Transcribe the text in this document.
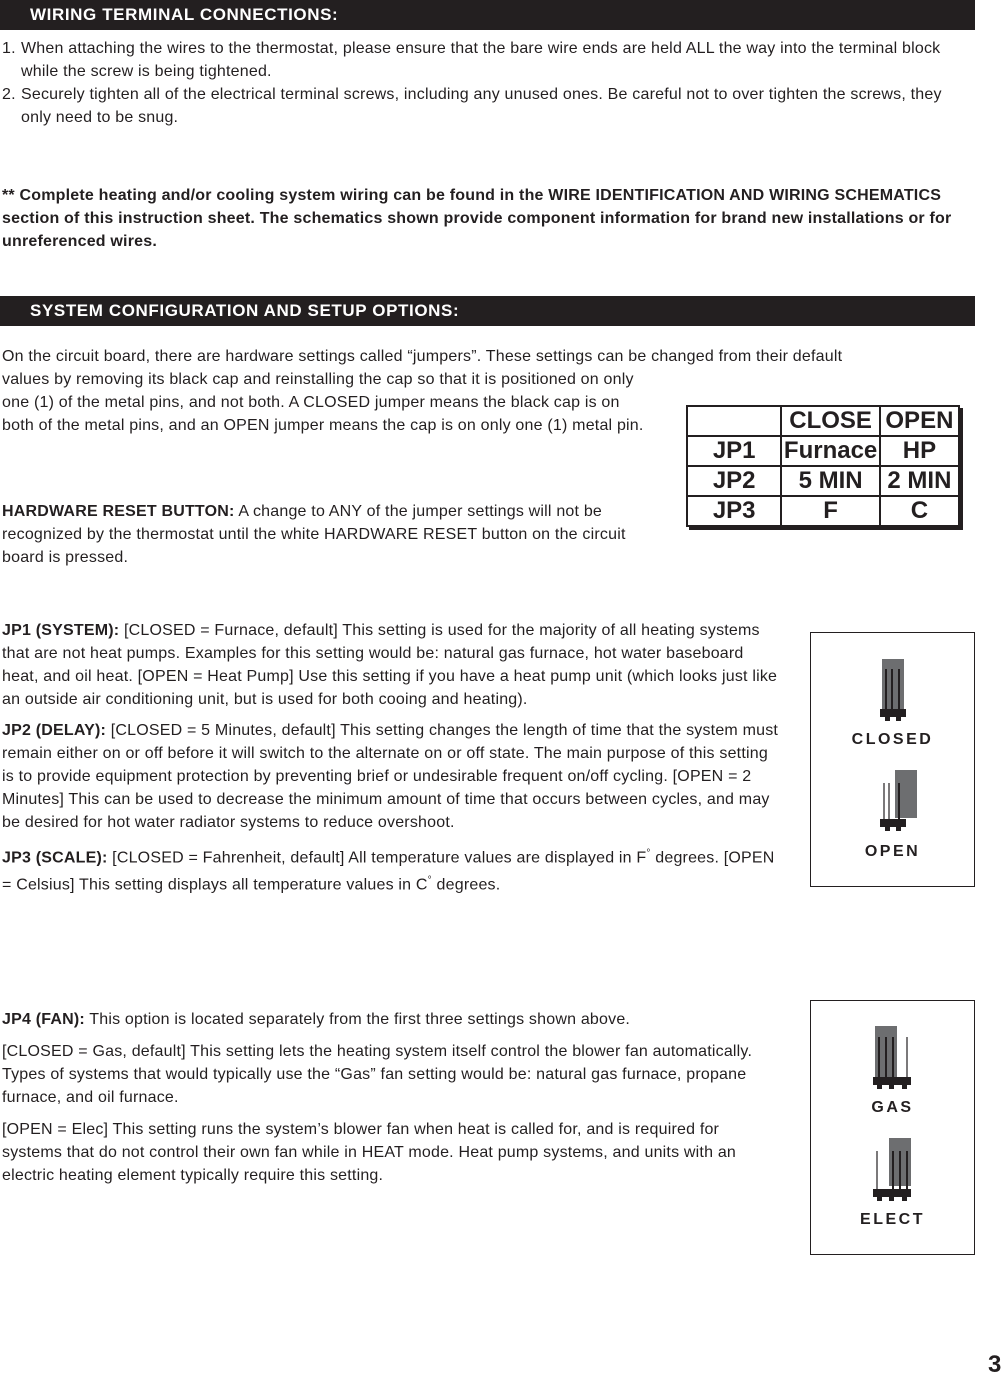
WIRING TERMINAL CONNECTIONS:
1. When attaching the wires to the thermostat, please ensure that the bare wire ends are held ALL the way into the terminal block while the screw is being tightened.
2. Securely tighten all of the electrical terminal screws, including any unused ones. Be careful not to over tighten the screws, they only need to be snug.

** Complete heating and/or cooling system wiring can be found in the WIRE IDENTIFICATION AND WIRING SCHEMATICS section of this instruction sheet. The schematics shown provide component information for brand new installations or for unreferenced wires.

SYSTEM CONFIGURATION AND SETUP OPTIONS:

On the circuit board, there are hardware settings called “jumpers”. These settings can be changed from their default

values by removing its black cap and reinstalling the cap so that it is positioned on only one (1) of the metal pins, and not both. A CLOSED jumper means the black cap is on both of the metal pins, and an OPEN jumper means the cap is on only one (1) metal pin.

HARDWARE RESET BUTTON: A change to ANY of the jumper settings will not be recognized by the thermostat until the white HARDWARE RESET button on the circuit board is pressed.

	CLOSE	OPEN
JP1	Furnace	HP
JP2	5 MIN	2 MIN
JP3	F	C

JP1 (SYSTEM): [CLOSED = Furnace, default] This setting is used for the majority of all heating systems that are not heat pumps. Examples for this setting would be: natural gas furnace, hot water baseboard heat, and oil heat. [OPEN = Heat Pump] Use this setting if you have a heat pump unit (which looks just like an outside air conditioning unit, but is used for both cooing and heating).

JP2 (DELAY): [CLOSED = 5 Minutes, default] This setting changes the length of time that the system must remain either on or off before it will switch to the alternate on or off state. The main purpose of this setting is to provide equipment protection by preventing brief or undesirable frequent on/off cycling. [OPEN = 2 Minutes] This can be used to decrease the minimum amount of time that occurs between cycles, and may be desired for hot water radiator systems to reduce overshoot.

JP3 (SCALE): [CLOSED = Fahrenheit, default] All temperature values are displayed in F° degrees. [OPEN = Celsius] This setting displays all temperature values in C° degrees.

CLOSED
OPEN

JP4 (FAN): This option is located separately from the first three settings shown above.

[CLOSED = Gas, default] This setting lets the heating system itself control the blower fan automatically. Types of systems that would typically use the “Gas” fan setting would be: natural gas furnace, propane furnace, and oil furnace.

[OPEN = Elec] This setting runs the system’s blower fan when heat is called for, and is required for systems that do not control their own fan while in HEAT mode. Heat pump systems, and units with an electric heating element typically require this setting.

GAS
ELECT
3
